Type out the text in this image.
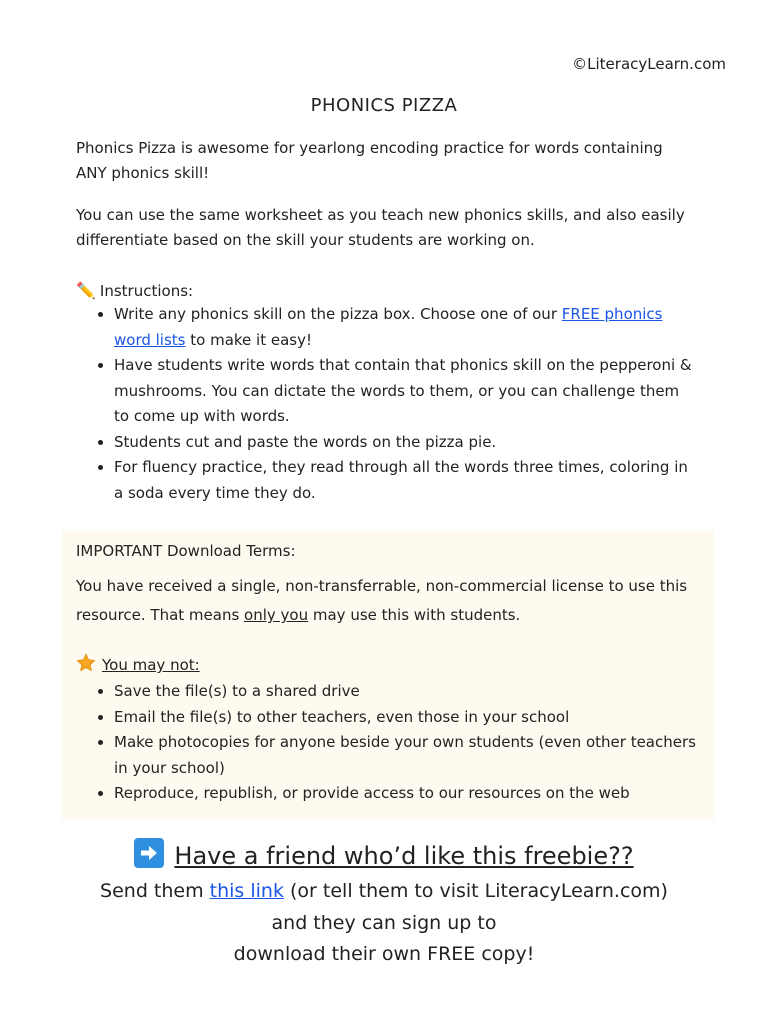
©LiteracyLearn.com
PHONICS PIZZA
Phonics Pizza is awesome for yearlong encoding practice for words containing ANY phonics skill!
You can use the same worksheet as you teach new phonics skills, and also easily differentiate based on the skill your students are working on.
✏️ Instructions:
• Write any phonics skill on the pizza box. Choose one of our FREE phonics word lists to make it easy!
• Have students write words that contain that phonics skill on the pepperoni & mushrooms. You can dictate the words to them, or you can challenge them to come up with words.
• Students cut and paste the words on the pizza pie.
• For fluency practice, they read through all the words three times, coloring in a soda every time they do.
IMPORTANT Download Terms:
You have received a single, non-transferrable, non-commercial license to use this resource. That means only you may use this with students.
You may not:
• Save the file(s) to a shared drive
• Email the file(s) to other teachers, even those in your school
• Make photocopies for anyone beside your own students (even other teachers in your school)
• Reproduce, republish, or provide access to our resources on the web
Have a friend who’d like this freebie??
Send them this link (or tell them to visit LiteracyLearn.com)
and they can sign up to
download their own FREE copy!
